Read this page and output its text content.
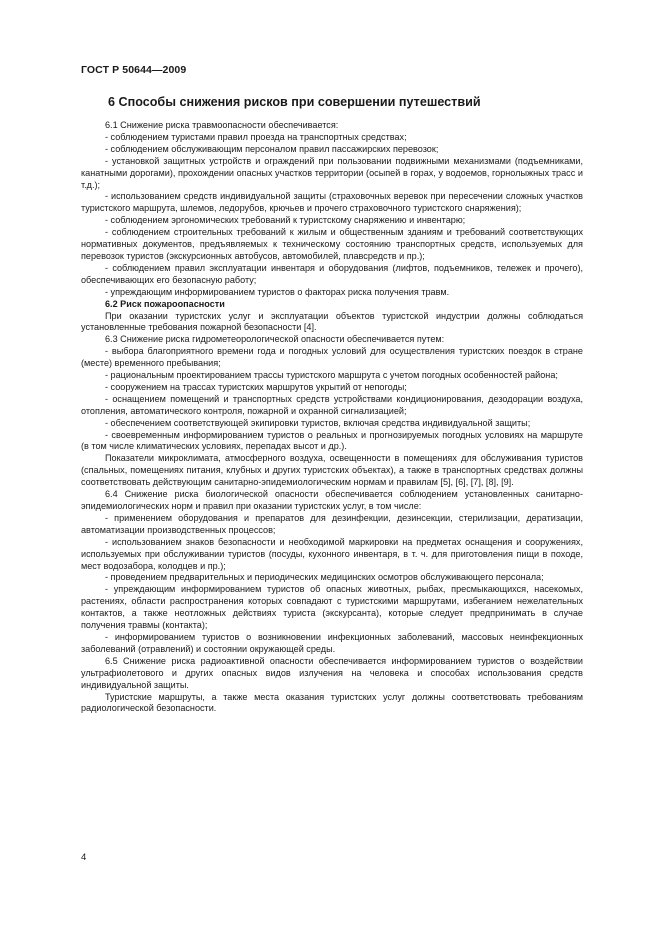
ГОСТ Р 50644—2009
6 Способы снижения рисков при совершении путешествий

6.1 Снижение риска травмоопасности обеспечивается:

- соблюдением туристами правил проезда на транспортных средствах;

- соблюдением обслуживающим персоналом правил пассажирских перевозок;

- установкой защитных устройств и ограждений при пользовании подвижными механизмами (подъемниками, канатными дорогами), прохождении опасных участков территории (осыпей в горах, у водоемов, горнолыжных трасс и т.д.);

- использованием средств индивидуальной защиты (страховочных веревок при пересечении сложных участков туристского маршрута, шлемов, ледорубов, крючьев и прочего страховочного туристского снаряжения);

- соблюдением эргономических требований к туристскому снаряжению и инвентарю;

- соблюдением строительных требований к жилым и общественным зданиям и требований соответствующих нормативных документов, предъявляемых к техническому состоянию транспортных средств, используемых для перевозок туристов (экскурсионных автобусов, автомобилей, плавсредств и пр.);

- соблюдением правил эксплуатации инвентаря и оборудования (лифтов, подъемников, тележек и прочего), обеспечивающих его безопасную работу;

- упреждающим информированием туристов о факторах риска получения травм.

6.2 Риск пожароопасности

При оказании туристских услуг и эксплуатации объектов туристской индустрии должны соблюдаться установленные требования пожарной безопасности [4].

6.3 Снижение риска гидрометеорологической опасности обеспечивается путем:

- выбора благоприятного времени года и погодных условий для осуществления туристских поездок в стране (месте) временного пребывания;

- рациональным проектированием трассы туристского маршрута с учетом погодных особенностей района;

- сооружением на трассах туристских маршрутов укрытий от непогоды;

- оснащением помещений и транспортных средств устройствами кондиционирования, дезодорации воздуха, отопления, автоматического контроля, пожарной и охранной сигнализацией;

- обеспечением соответствующей экипировки туристов, включая средства индивидуальной защиты;

- своевременным информированием туристов о реальных и прогнозируемых погодных условиях на маршруте (в том числе климатических условиях, перепадах высот и др.).

Показатели микроклимата, атмосферного воздуха, освещенности в помещениях для обслуживания туристов (спальных, помещениях питания, клубных и других туристских объектах), а также в транспортных средствах должны соответствовать действующим санитарно-эпидемиологическим нормам и правилам [5], [6], [7], [8], [9].

6.4 Снижение риска биологической опасности обеспечивается соблюдением установленных санитарно-эпидемиологических норм и правил при оказании туристских услуг, в том числе:

- применением оборудования и препаратов для дезинфекции, дезинсекции, стерилизации, дератизации, автоматизации производственных процессов;

- использованием знаков безопасности и необходимой маркировки на предметах оснащения и сооружениях, используемых при обслуживании туристов (посуды, кухонного инвентаря, в т. ч. для приготовления пищи в походе, мест водозабора, колодцев и пр.);

- проведением предварительных и периодических медицинских осмотров обслуживающего персонала;

- упреждающим информированием туристов об опасных животных, рыбах, пресмыкающихся, насекомых, растениях, области распространения которых совпадают с туристскими маршрутами, избеганием нежелательных контактов, а также неотложных действиях туриста (экскурсанта), которые следует предпринимать в случае получения травмы (контакта);

- информированием туристов о возникновении инфекционных заболеваний, массовых неинфекционных заболеваний (отравлений) и состоянии окружающей среды.

6.5 Снижение риска радиоактивной опасности обеспечивается информированием туристов о воздействии ультрафиолетового и других опасных видов излучения на человека и способах использования средств индивидуальной защиты.

Туристские маршруты, а также места оказания туристских услуг должны соответствовать требованиям радиологической безопасности.

4
